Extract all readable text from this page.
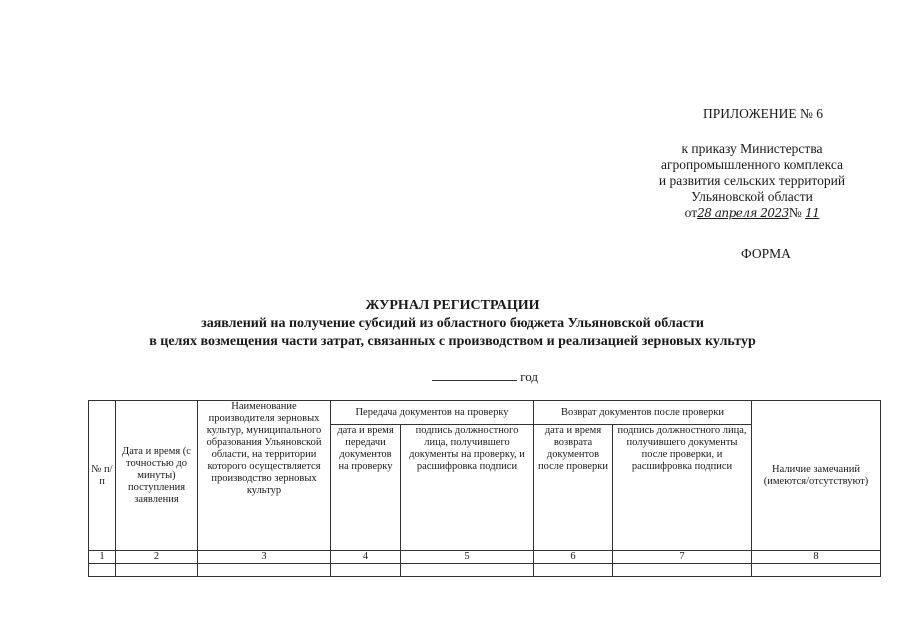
ПРИЛОЖЕНИЕ № 6
к приказу Министерства
агропромышленного комплекса
и развития сельских территорий
Ульяновской области
от28 апреля 2023№ 11
ФОРМА
ЖУРНАЛ РЕГИСТРАЦИИ
заявлений на получение субсидий из областного бюджета Ульяновской области
в целях возмещения части затрат, связанных с производством и реализацией зерновых культур
год
№ п/п	Дата и время (с точностью до минуты) поступления заявления	Наименование производителя зерновых культур, муниципального образования Ульяновской области, на территории которого осуществляется производство зерновых культур	Передача документов на проверку		Возврат документов после проверки		Наличие замечаний (имеются/отсутствуют)
			дата и время передачи документов на проверку	подпись должностного лица, получившего документы на проверку, и расшифровка подписи	дата и время возврата документов после проверки	подпись должностного лица, получившего документы после проверки, и расшифровка подписи	
1	2	3	4	5	6	7	8
